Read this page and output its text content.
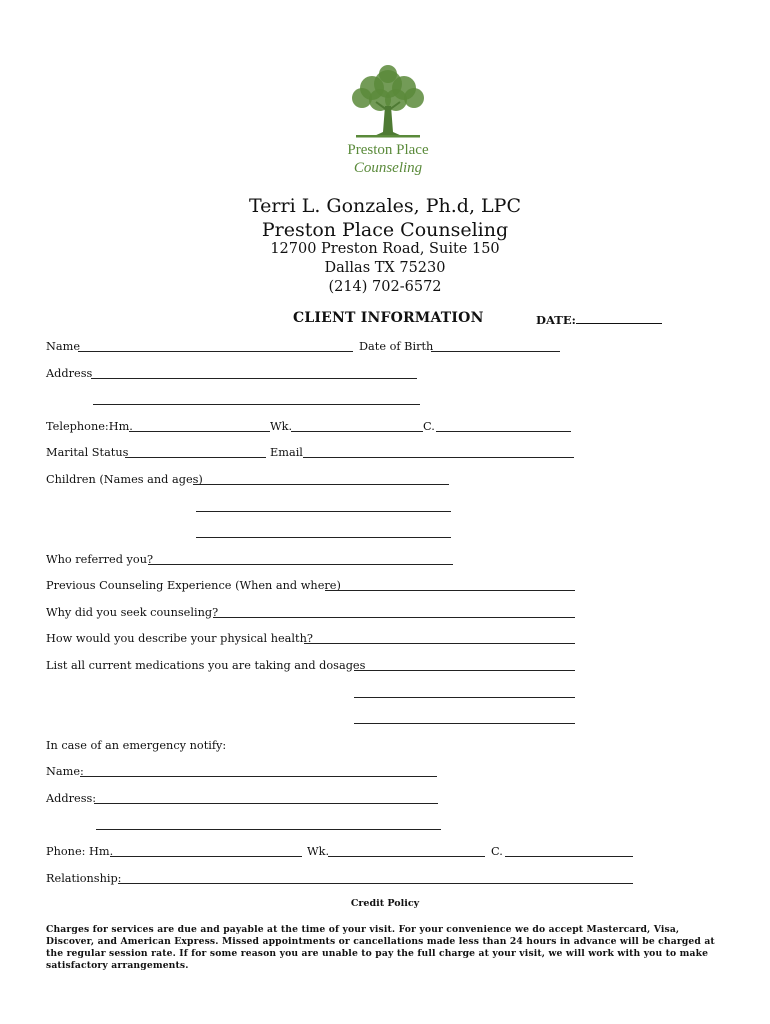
Preston Place
Counseling
Terri L. Gonzales, Ph.d, LPC
Preston Place Counseling
12700 Preston Road, Suite 150
Dallas TX 75230
(214) 702-6572
CLIENT INFORMATION	DATE:
Name	Date of Birth
Address
Telephone:Hm.	Wk.	C.
Marital Status	Email
Children (Names and ages)
Who referred you?
Previous Counseling Experience (When and where)
Why did you seek counseling?
How would you describe your physical health?
List all current medications you are taking and dosages
In case of an emergency notify:
Name:
Address:
Phone: Hm.	Wk.	C.
Relationship:
Credit Policy
Charges for services are due and payable at the time of your visit. For your convenience we do accept Mastercard, Visa, Discover, and American Express. Missed appointments or cancellations made less than 24 hours in advance will be charged at the regular session rate. If for some reason you are unable to pay the full charge at your visit, we will work with you to make satisfactory arrangements.
